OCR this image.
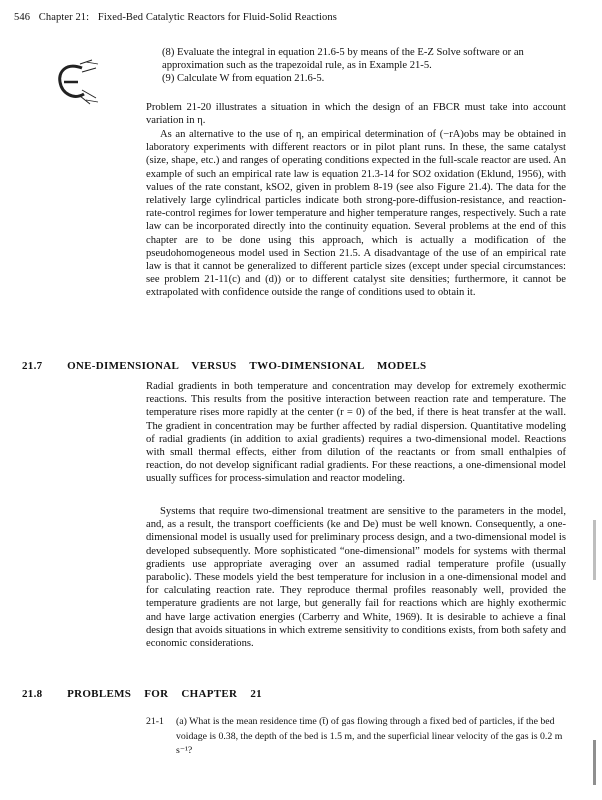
546 Chapter 21: Fixed-Bed Catalytic Reactors for Fluid-Solid Reactions

(8) Evaluate the integral in equation 21.6-5 by means of the E-Z Solve software or an approximation such as the trapezoidal rule, as in Example 21-5.

(9) Calculate W from equation 21.6-5.

Problem 21-20 illustrates a situation in which the design of an FBCR must take into account variation in η.
As an alternative to the use of η, an empirical determination of (−rA)obs may be obtained in laboratory experiments with different reactors or in pilot plant runs. In these, the same catalyst (size, shape, etc.) and ranges of operating conditions expected in the full-scale reactor are used. An example of such an empirical rate law is equation 21.3-14 for SO2 oxidation (Eklund, 1956), with values of the rate constant, kSO2, given in problem 8-19 (see also Figure 21.4). The data for the relatively large cylindrical particles indicate both strong-pore-diffusion-resistance, and reaction-rate-control regimes for lower temperature and higher temperature ranges, respectively. Such a rate law can be incorporated directly into the continuity equation. Several problems at the end of this chapter are to be done using this approach, which is actually a modification of the pseudohomogeneous model used in Section 21.5. A disadvantage of the use of an empirical rate law is that it cannot be generalized to different particle sizes (except under special circumstances: see problem 21-11(c) and (d)) or to different catalyst site densities; furthermore, it cannot be extrapolated with confidence outside the range of conditions used to obtain it.
21.7 ONE-DIMENSIONAL VERSUS TWO-DIMENSIONAL MODELS
Radial gradients in both temperature and concentration may develop for extremely exothermic reactions. This results from the positive interaction between reaction rate and temperature. The temperature rises more rapidly at the center (r = 0) of the bed, if there is heat transfer at the wall. The gradient in concentration may be further affected by radial dispersion. Quantitative modeling of radial gradients (in addition to axial gradients) requires a two-dimensional model. Reactions with small thermal effects, either from dilution of the reactants or from small enthalpies of reaction, do not develop significant radial gradients. For these reactions, a one-dimensional model usually suffices for process-simulation and reactor modeling.
Systems that require two-dimensional treatment are sensitive to the parameters in the model, and, as a result, the transport coefficients (ke and De) must be well known. Consequently, a one-dimensional model is usually used for preliminary process design, and a two-dimensional model is developed subsequently. More sophisticated “one-dimensional” models for systems with thermal gradients use appropriate averaging over an assumed radial temperature profile (usually parabolic). These models yield the best temperature for inclusion in a one-dimensional model and for calculating reaction rate. They reproduce thermal profiles reasonably well, provided the temperature gradients are not large, but generally fail for reactions which are highly exothermic and have large activation energies (Carberry and White, 1969). It is desirable to achieve a final design that avoids situations in which extreme sensitivity to conditions exists, from both safety and economic considerations.
21.8 PROBLEMS FOR CHAPTER 21
21-1 (a) What is the mean residence time (t̄) of gas flowing through a fixed bed of particles, if the bed voidage is 0.38, the depth of the bed is 1.5 m, and the superficial linear velocity of the gas is 0.2 m s⁻¹?
